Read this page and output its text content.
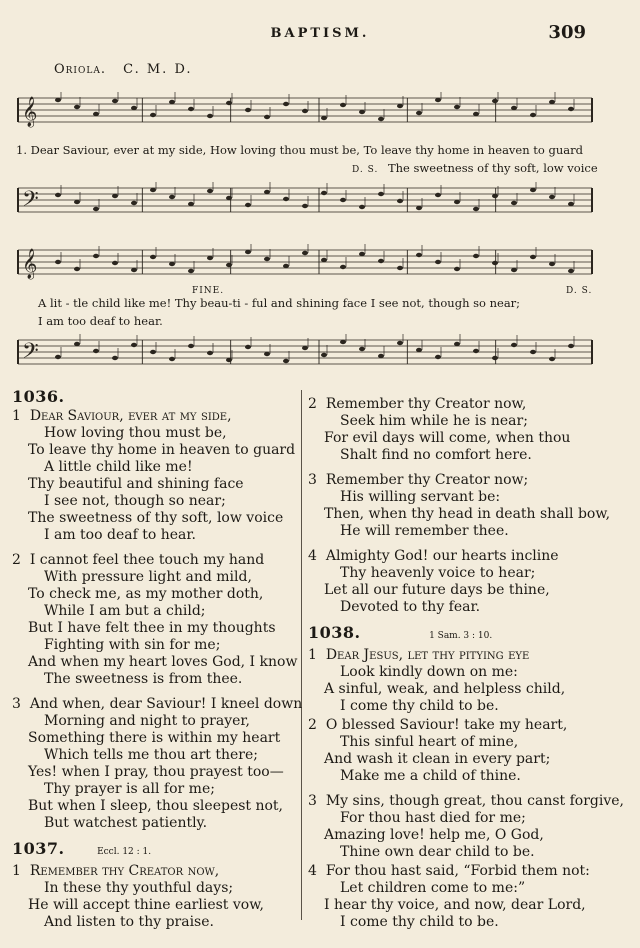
BAPTISM.	309
Oriola. C. M. D.
𝄞
1. Dear Saviour, ever at my side, How loving thou must be, To leave thy home in heaven to guard
D. S. The sweetness of thy soft, low voice
𝄢
𝄞
FINE.	D. S.
A lit - tle child like me! Thy beau-ti - ful and shining face I see not, though so near;
I am too deaf to hear.
𝄢
1036.
1 Dear Saviour, ever at my side,
How loving thou must be,
To leave thy home in heaven to guard
A little child like me!
Thy beautiful and shining face
I see not, though so near;
The sweetness of thy soft, low voice
I am too deaf to hear.
2 I cannot feel thee touch my hand
With pressure light and mild,
To check me, as my mother doth,
While I am but a child;
But I have felt thee in my thoughts
Fighting with sin for me;
And when my heart loves God, I know
The sweetness is from thee.
3 And when, dear Saviour! I kneel down
Morning and night to prayer,
Something there is within my heart
Which tells me thou art there;
Yes! when I pray, thou prayest too—
Thy prayer is all for me;
But when I sleep, thou sleepest not,
But watchest patiently.
1037.	Eccl. 12 : 1.
1 Remember thy Creator now,
In these thy youthful days;
He will accept thine earliest vow,
And listen to thy praise.
2 Remember thy Creator now,
Seek him while he is near;
For evil days will come, when thou
Shalt find no comfort here.
3 Remember thy Creator now;
His willing servant be:
Then, when thy head in death shall bow,
He will remember thee.
4 Almighty God! our hearts incline
Thy heavenly voice to hear;
Let all our future days be thine,
Devoted to thy fear.
1038.	1 Sam. 3 : 10.
1 Dear Jesus, let thy pitying eye
Look kindly down on me:
A sinful, weak, and helpless child,
I come thy child to be.
2 O blessed Saviour! take my heart,
This sinful heart of mine,
And wash it clean in every part;
Make me a child of thine.
3 My sins, though great, thou canst forgive,
For thou hast died for me;
Amazing love! help me, O God,
Thine own dear child to be.
4 For thou hast said, “Forbid them not:
Let children come to me:”
I hear thy voice, and now, dear Lord,
I come thy child to be.
